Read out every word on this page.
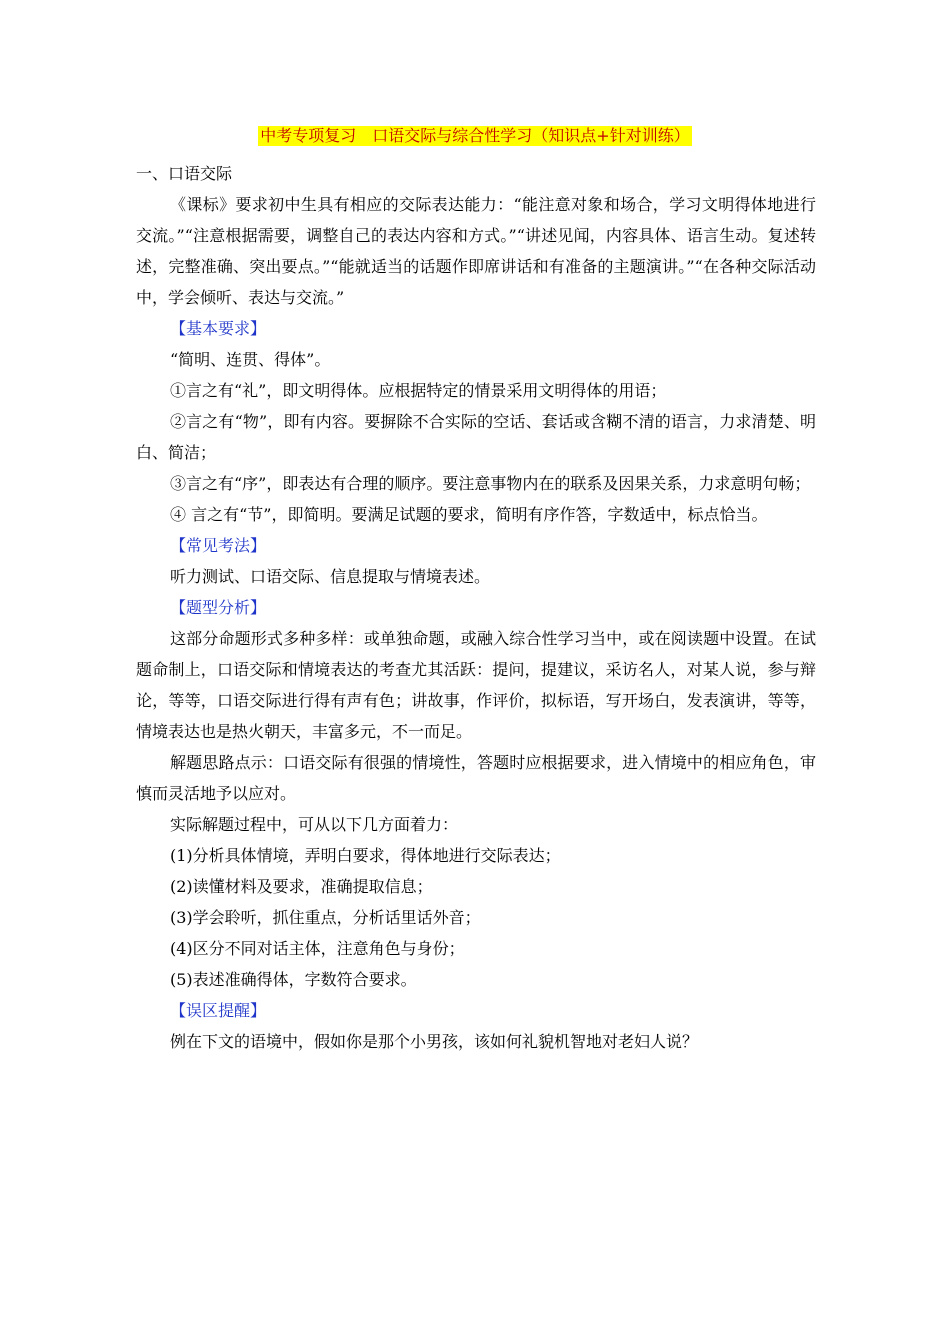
中考专项复习　口语交际与综合性学习（知识点+针对训练）

一、口语交际

《课标》要求初中生具有相应的交际表达能力：“能注意对象和场合，学习文明得体地进行交流。”“注意根据需要，调整自己的表达内容和方式。”“讲述见闻，内容具体、语言生动。复述转述，完整准确、突出要点。”“能就适当的话题作即席讲话和有准备的主题演讲。”“在各种交际活动中，学会倾听、表达与交流。”

【基本要求】

“简明、连贯、得体”。

①言之有“礼”，即文明得体。应根据特定的情景采用文明得体的用语；

②言之有“物”，即有内容。要摒除不合实际的空话、套话或含糊不清的语言，力求清楚、明白、简洁；

③言之有“序”，即表达有合理的顺序。要注意事物内在的联系及因果关系，力求意明句畅；

④ 言之有“节”，即简明。要满足试题的要求，简明有序作答，字数适中，标点恰当。

【常见考法】

听力测试、口语交际、信息提取与情境表述。

【题型分析】

这部分命题形式多种多样：或单独命题，或融入综合性学习当中，或在阅读题中设置。在试题命制上，口语交际和情境表达的考查尤其活跃：提问，提建议，采访名人，对某人说，参与辩论，等等，口语交际进行得有声有色；讲故事，作评价，拟标语，写开场白，发表演讲，等等，情境表达也是热火朝天，丰富多元，不一而足。

解题思路点示：口语交际有很强的情境性，答题时应根据要求，进入情境中的相应角色，审慎而灵活地予以应对。

实际解题过程中，可从以下几方面着力：

(1)分析具体情境，弄明白要求，得体地进行交际表达；

(2)读懂材料及要求，准确提取信息；

(3)学会聆听，抓住重点，分析话里话外音；

(4)区分不同对话主体，注意角色与身份；

(5)表述准确得体，字数符合要求。

【误区提醒】

例在下文的语境中，假如你是那个小男孩，该如何礼貌机智地对老妇人说？
